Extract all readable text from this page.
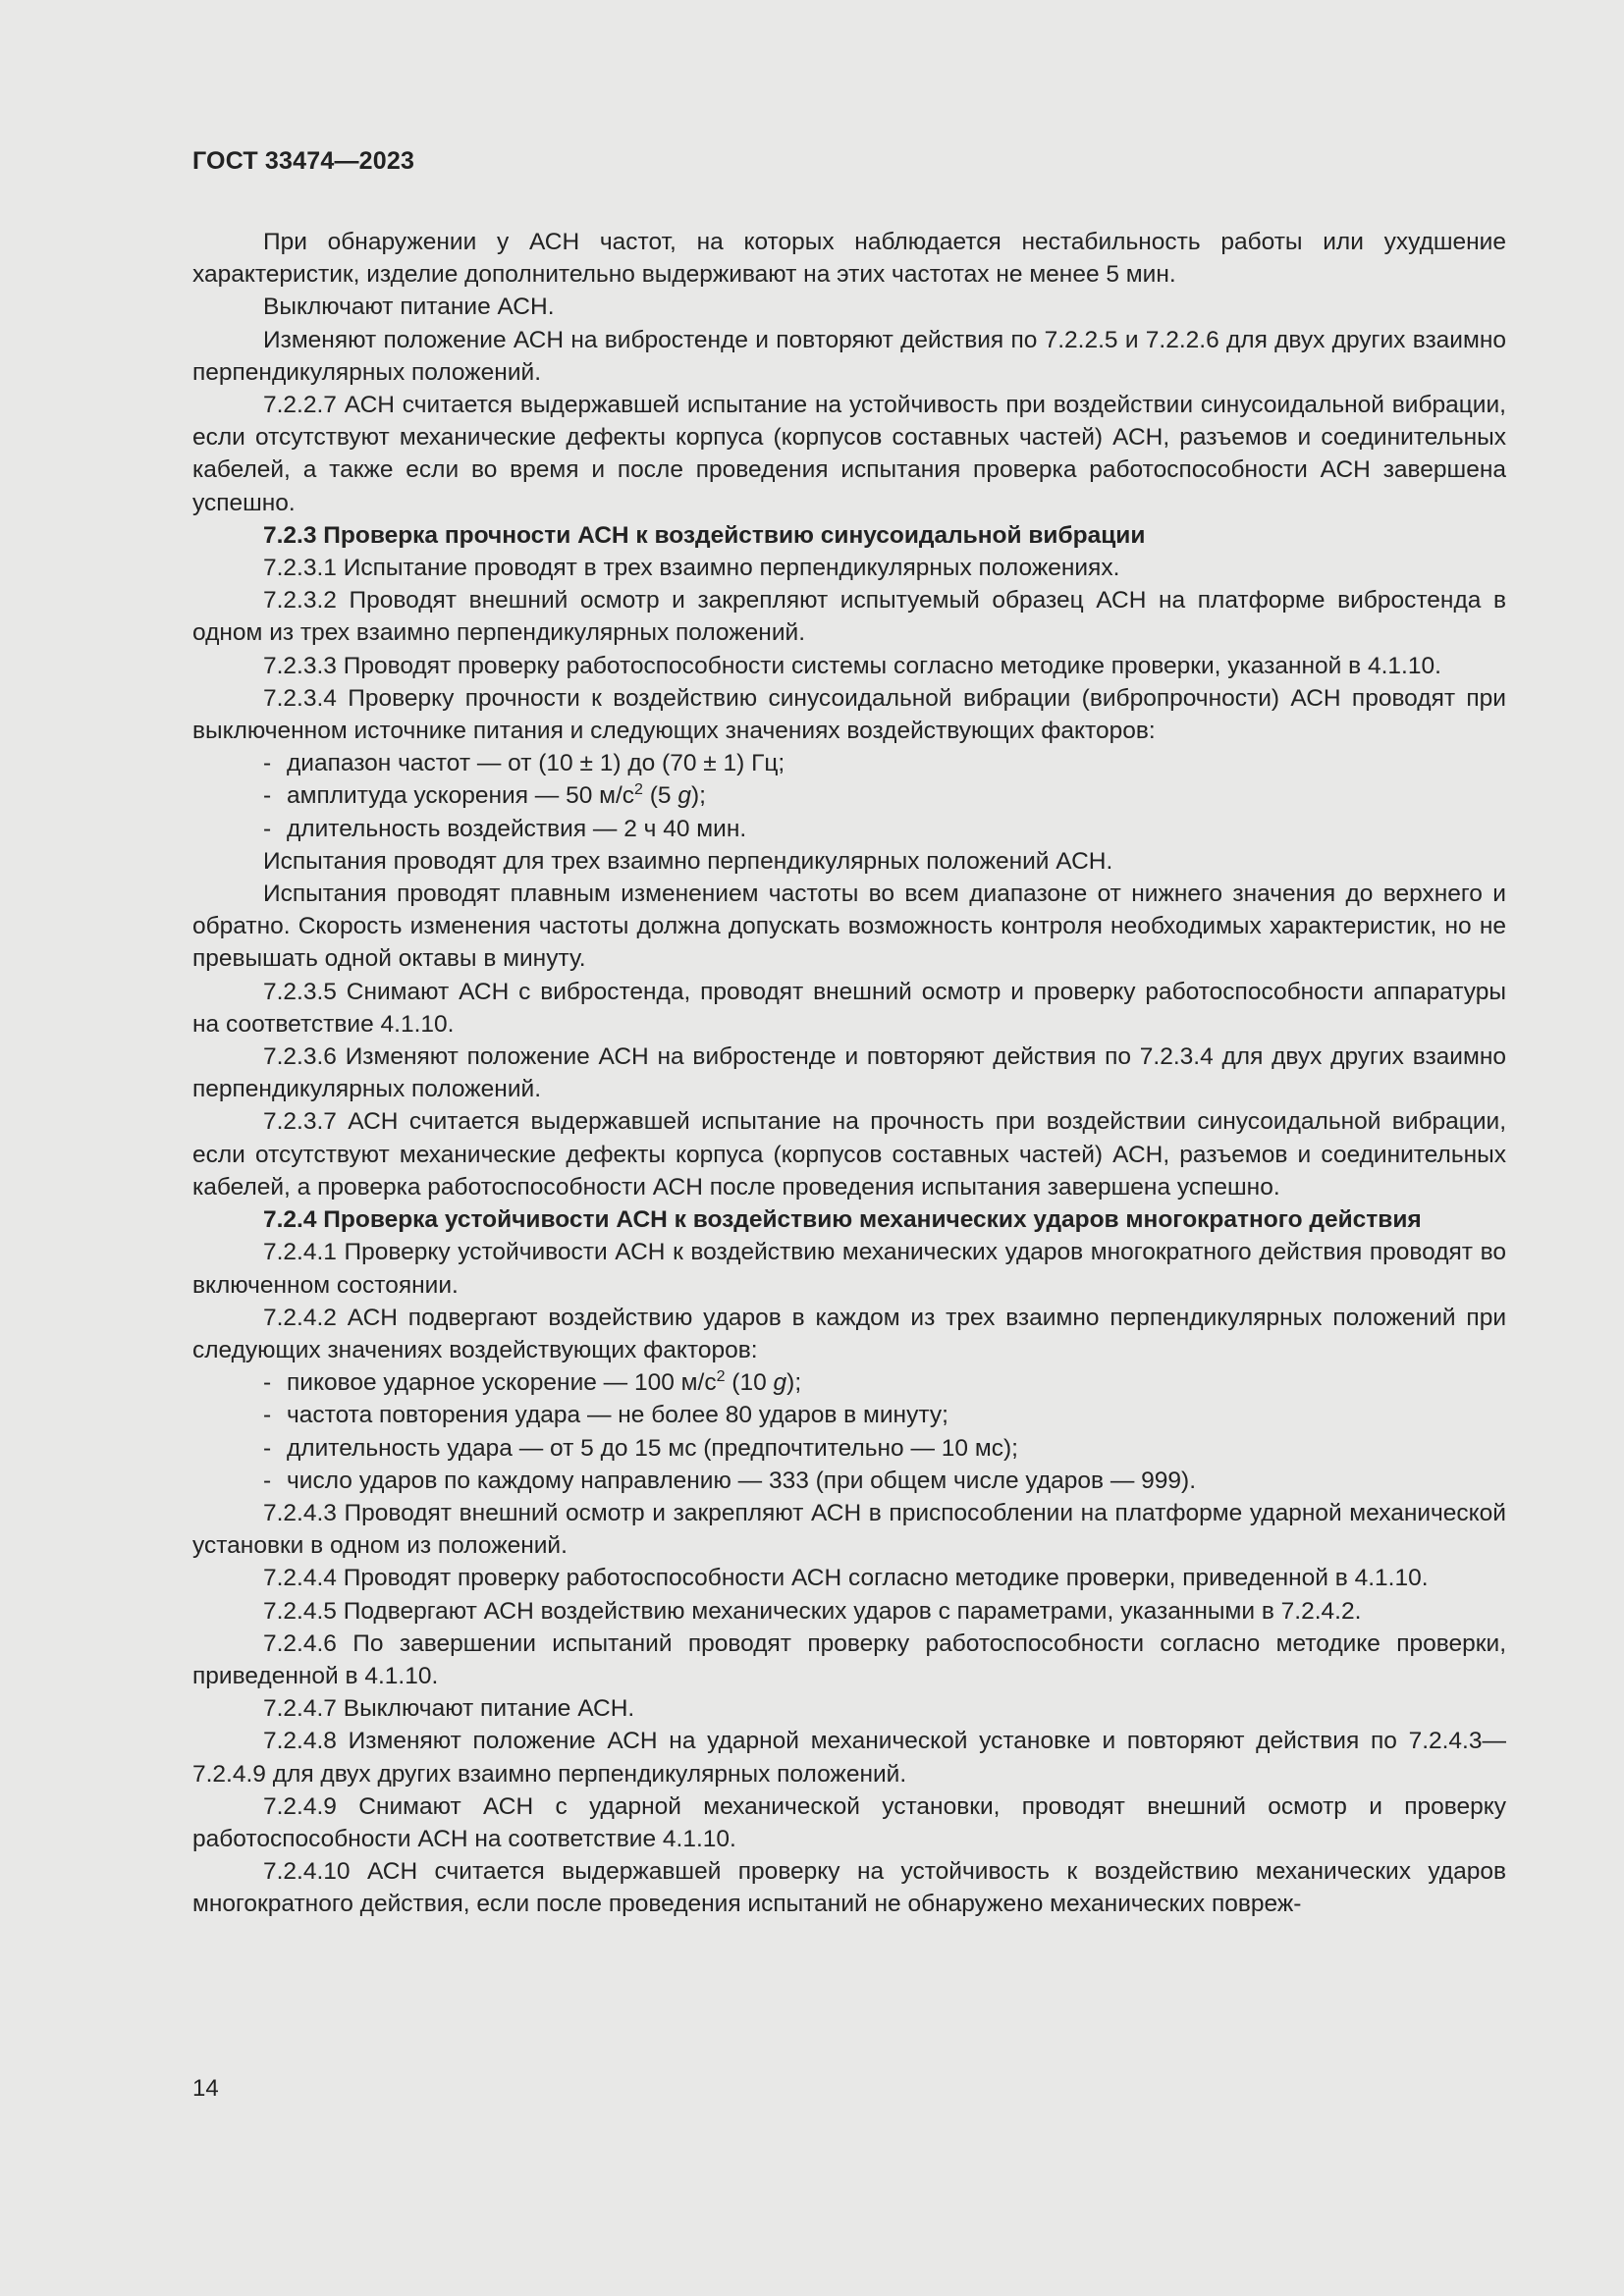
ГОСТ 33474—2023

При обнаружении у АСН частот, на которых наблюдается нестабильность работы или ухудшение характеристик, изделие дополнительно выдерживают на этих частотах не менее 5 мин.

Выключают питание АСН.

Изменяют положение АСН на вибростенде и повторяют действия по 7.2.2.5 и 7.2.2.6 для двух других взаимно перпендикулярных положений.

7.2.2.7 АСН считается выдержавшей испытание на устойчивость при воздействии синусоидальной вибрации, если отсутствуют механические дефекты корпуса (корпусов составных частей) АСН, разъемов и соединительных кабелей, а также если во время и после проведения испытания проверка работоспособности АСН завершена успешно.

7.2.3 Проверка прочности АСН к воздействию синусоидальной вибрации

7.2.3.1 Испытание проводят в трех взаимно перпендикулярных положениях.

7.2.3.2 Проводят внешний осмотр и закрепляют испытуемый образец АСН на платформе вибростенда в одном из трех взаимно перпендикулярных положений.

7.2.3.3 Проводят проверку работоспособности системы согласно методике проверки, указанной в 4.1.10.

7.2.3.4 Проверку прочности к воздействию синусоидальной вибрации (вибропрочности) АСН проводят при выключенном источнике питания и следующих значениях воздействующих факторов:

- диапазон частот — от (10 ± 1) до (70 ± 1) Гц;
- амплитуда ускорения — 50 $м/с^2$ (5 g);
- длительность воздействия — 2 ч 40 мин.

Испытания проводят для трех взаимно перпендикулярных положений АСН.

Испытания проводят плавным изменением частоты во всем диапазоне от нижнего значения до верхнего и обратно. Скорость изменения частоты должна допускать возможность контроля необходимых характеристик, но не превышать одной октавы в минуту.

7.2.3.5 Снимают АСН с вибростенда, проводят внешний осмотр и проверку работоспособности аппаратуры на соответствие 4.1.10.

7.2.3.6 Изменяют положение АСН на вибростенде и повторяют действия по 7.2.3.4 для двух других взаимно перпендикулярных положений.

7.2.3.7 АСН считается выдержавшей испытание на прочность при воздействии синусоидальной вибрации, если отсутствуют механические дефекты корпуса (корпусов составных частей) АСН, разъемов и соединительных кабелей, а проверка работоспособности АСН после проведения испытания завершена успешно.

7.2.4 Проверка устойчивости АСН к воздействию механических ударов многократного действия

7.2.4.1 Проверку устойчивости АСН к воздействию механических ударов многократного действия проводят во включенном состоянии.

7.2.4.2 АСН подвергают воздействию ударов в каждом из трех взаимно перпендикулярных положений при следующих значениях воздействующих факторов:

- пиковое ударное ускорение — 100 $м/с^2$ (10 g);
- частота повторения удара — не более 80 ударов в минуту;
- длительность удара — от 5 до 15 мс (предпочтительно — 10 мс);
- число ударов по каждому направлению — 333 (при общем числе ударов — 999).

7.2.4.3 Проводят внешний осмотр и закрепляют АСН в приспособлении на платформе ударной механической установки в одном из положений.

7.2.4.4 Проводят проверку работоспособности АСН согласно методике проверки, приведенной в 4.1.10.

7.2.4.5 Подвергают АСН воздействию механических ударов с параметрами, указанными в 7.2.4.2.

7.2.4.6 По завершении испытаний проводят проверку работоспособности согласно методике проверки, приведенной в 4.1.10.

7.2.4.7 Выключают питание АСН.

7.2.4.8 Изменяют положение АСН на ударной механической установке и повторяют действия по 7.2.4.3—7.2.4.9 для двух других взаимно перпендикулярных положений.

7.2.4.9 Снимают АСН с ударной механической установки, проводят внешний осмотр и проверку работоспособности АСН на соответствие 4.1.10.

7.2.4.10 АСН считается выдержавшей проверку на устойчивость к воздействию механических ударов многократного действия, если после проведения испытаний не обнаружено механических повреж-

14
